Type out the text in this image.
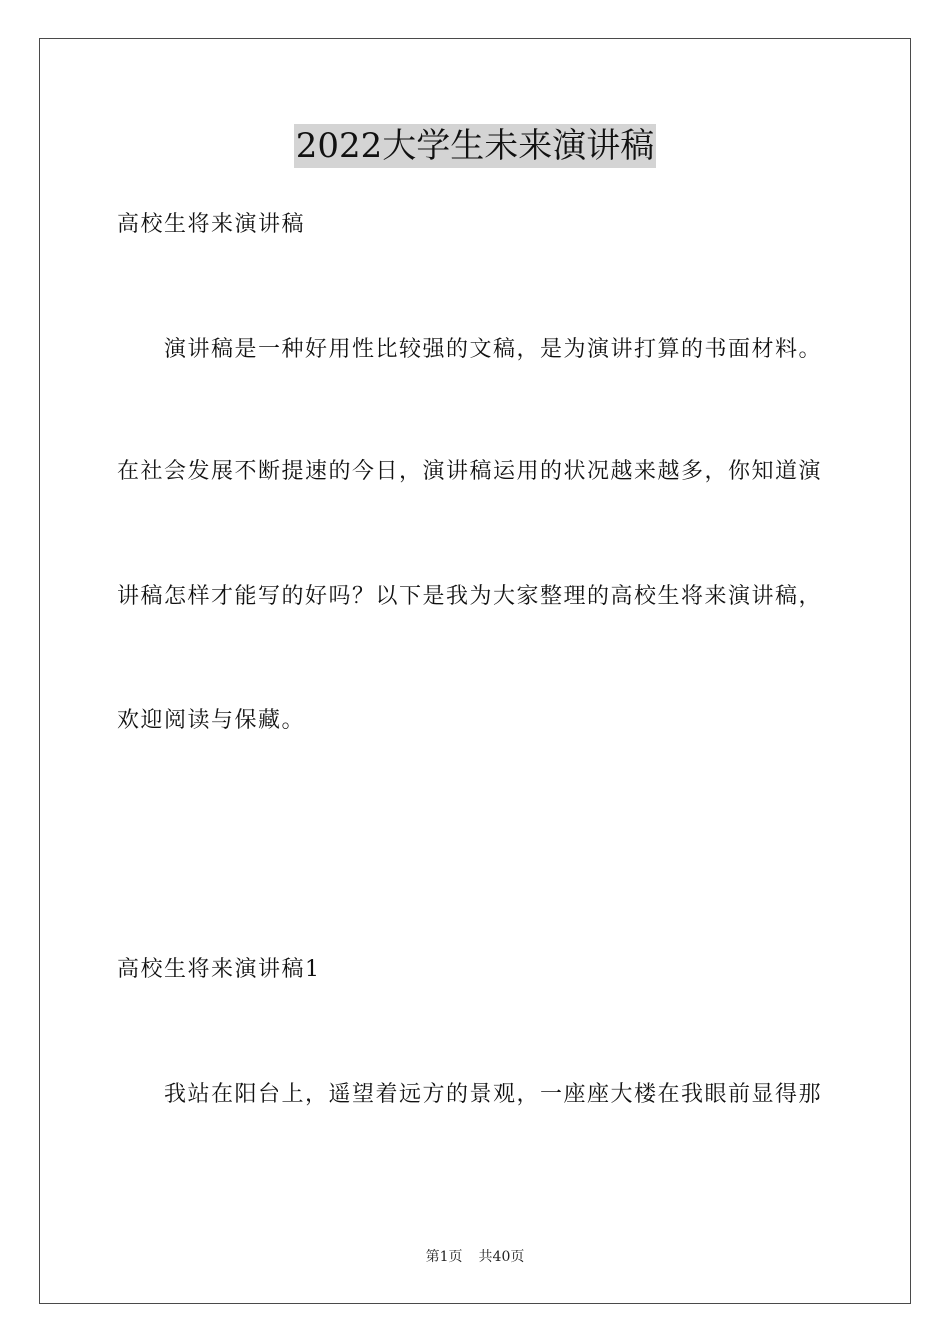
2022大学生未来演讲稿
高校生将来演讲稿
演讲稿是一种好用性比较强的文稿，是为演讲打算的书面材料。
在社会发展不断提速的今日，演讲稿运用的状况越来越多，你知道演
讲稿怎样才能写的好吗？以下是我为大家整理的高校生将来演讲稿，
欢迎阅读与保藏。
高校生将来演讲稿1
我站在阳台上，遥望着远方的景观，一座座大楼在我眼前显得那
第1页 共40页
